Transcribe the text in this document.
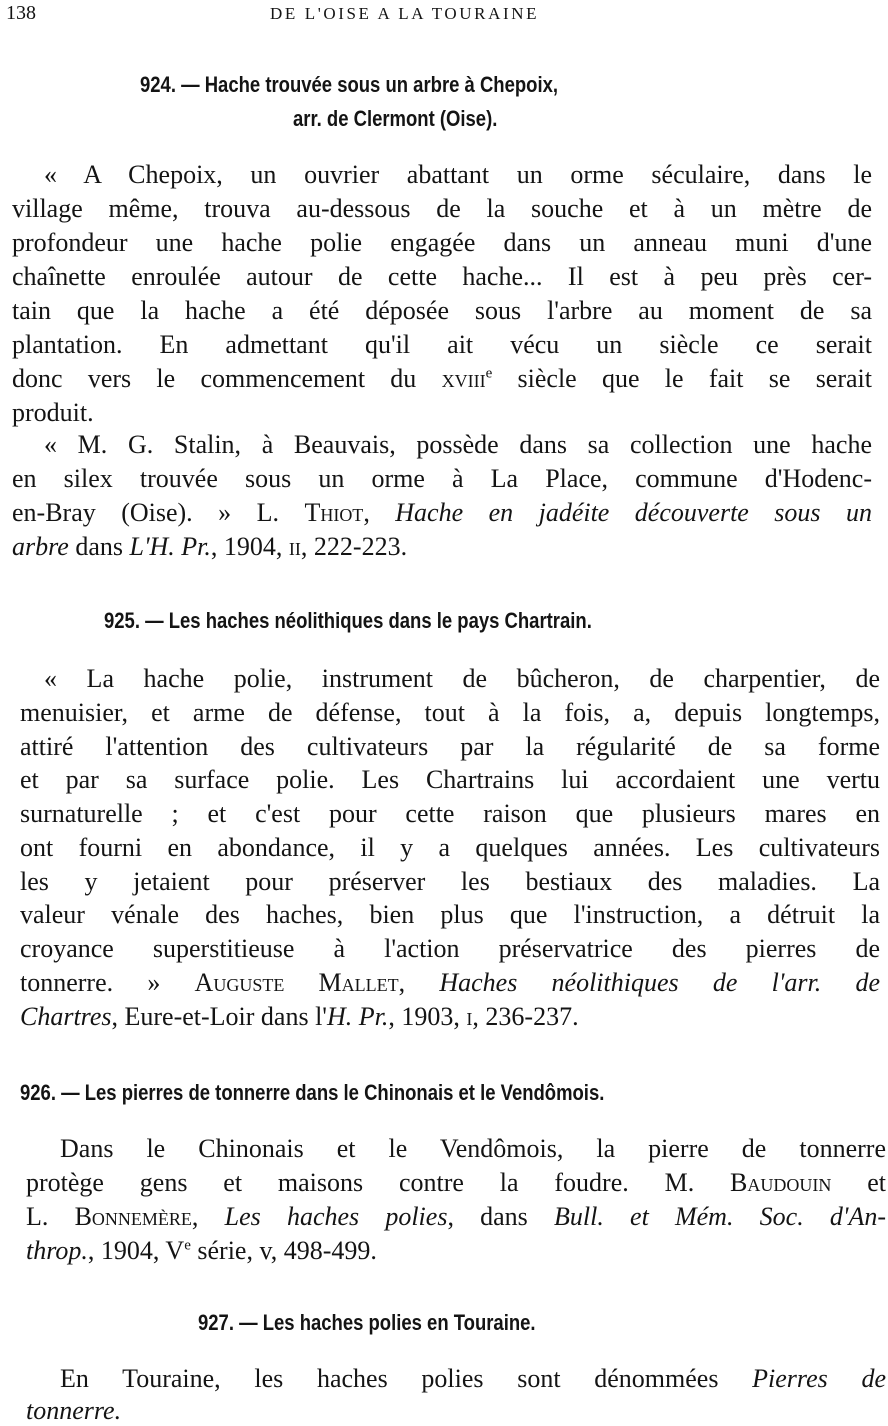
138	DE L'OISE A LA TOURAINE
924. — Hache trouvée sous un arbre à Chepoix,
arr. de Clermont (Oise).
« A Chepoix, un ouvrier abattant un orme séculaire, dans le
village même, trouva au-dessous de la souche et à un mètre de
profondeur une hache polie engagée dans un anneau muni d'une
chaînette enroulée autour de cette hache... Il est à peu près cer-
tain que la hache a été déposée sous l'arbre au moment de sa
plantation. En admettant qu'il ait vécu un siècle ce serait
donc vers le commencement du xviii$^e$ siècle que le fait se serait
produit.
« M. G. Stalin, à Beauvais, possède dans sa collection une hache
en silex trouvée sous un orme à La Place, commune d'Hodenc-
en-Bray (Oise). » L. Thiot, Hache en jadéite découverte sous un
arbre dans L'H. Pr., 1904, ii, 222-223.
925. — Les haches néolithiques dans le pays Chartrain.
« La hache polie, instrument de bûcheron, de charpentier, de
menuisier, et arme de défense, tout à la fois, a, depuis longtemps,
attiré l'attention des cultivateurs par la régularité de sa forme
et par sa surface polie. Les Chartrains lui accordaient une vertu
surnaturelle ; et c'est pour cette raison que plusieurs mares en
ont fourni en abondance, il y a quelques années. Les cultivateurs
les y jetaient pour préserver les bestiaux des maladies. La
valeur vénale des haches, bien plus que l'instruction, a détruit la
croyance superstitieuse à l'action préservatrice des pierres de
tonnerre. » Auguste Mallet, Haches néolithiques de l'arr. de
Chartres, Eure-et-Loir dans l'H. Pr., 1903, i, 236-237.
926. — Les pierres de tonnerre dans le Chinonais et le Vendômois.
Dans le Chinonais et le Vendômois, la pierre de tonnerre
protège gens et maisons contre la foudre. M. Baudouin et
L. Bonnemère, Les haches polies, dans Bull. et Mém. Soc. d'An-
throp., 1904, Ve série, v, 498-499.
927. — Les haches polies en Touraine.
En Touraine, les haches polies sont dénommées Pierres de
tonnerre.
